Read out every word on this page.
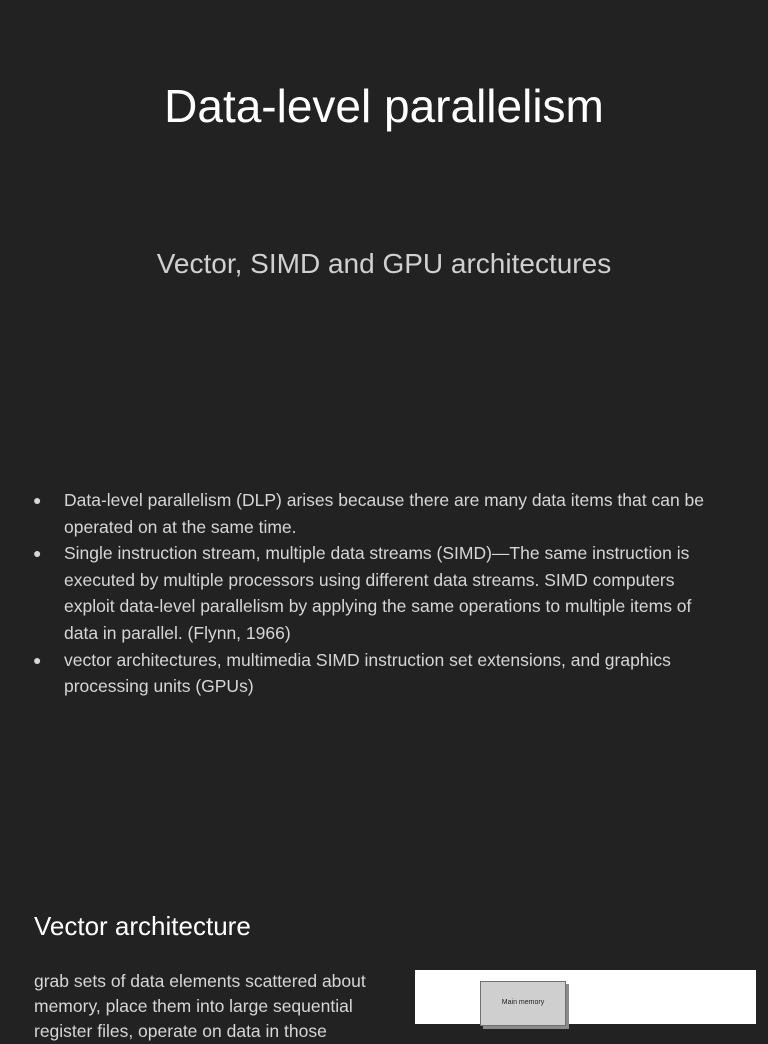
Data-level parallelism
Vector, SIMD and GPU architectures
● Data-level parallelism (DLP) arises because there are many data items that can be operated on at the same time.
● Single instruction stream, multiple data streams (SIMD)—The same instruction is executed by multiple processors using different data streams. SIMD computers exploit data-level parallelism by applying the same operations to multiple items of data in parallel. (Flynn, 1966)
● vector architectures, multimedia SIMD instruction set extensions, and graphics processing units (GPUs)
Vector architecture
grab sets of data elements scattered about memory, place them into large sequential register files, operate on data in those
Main memory
